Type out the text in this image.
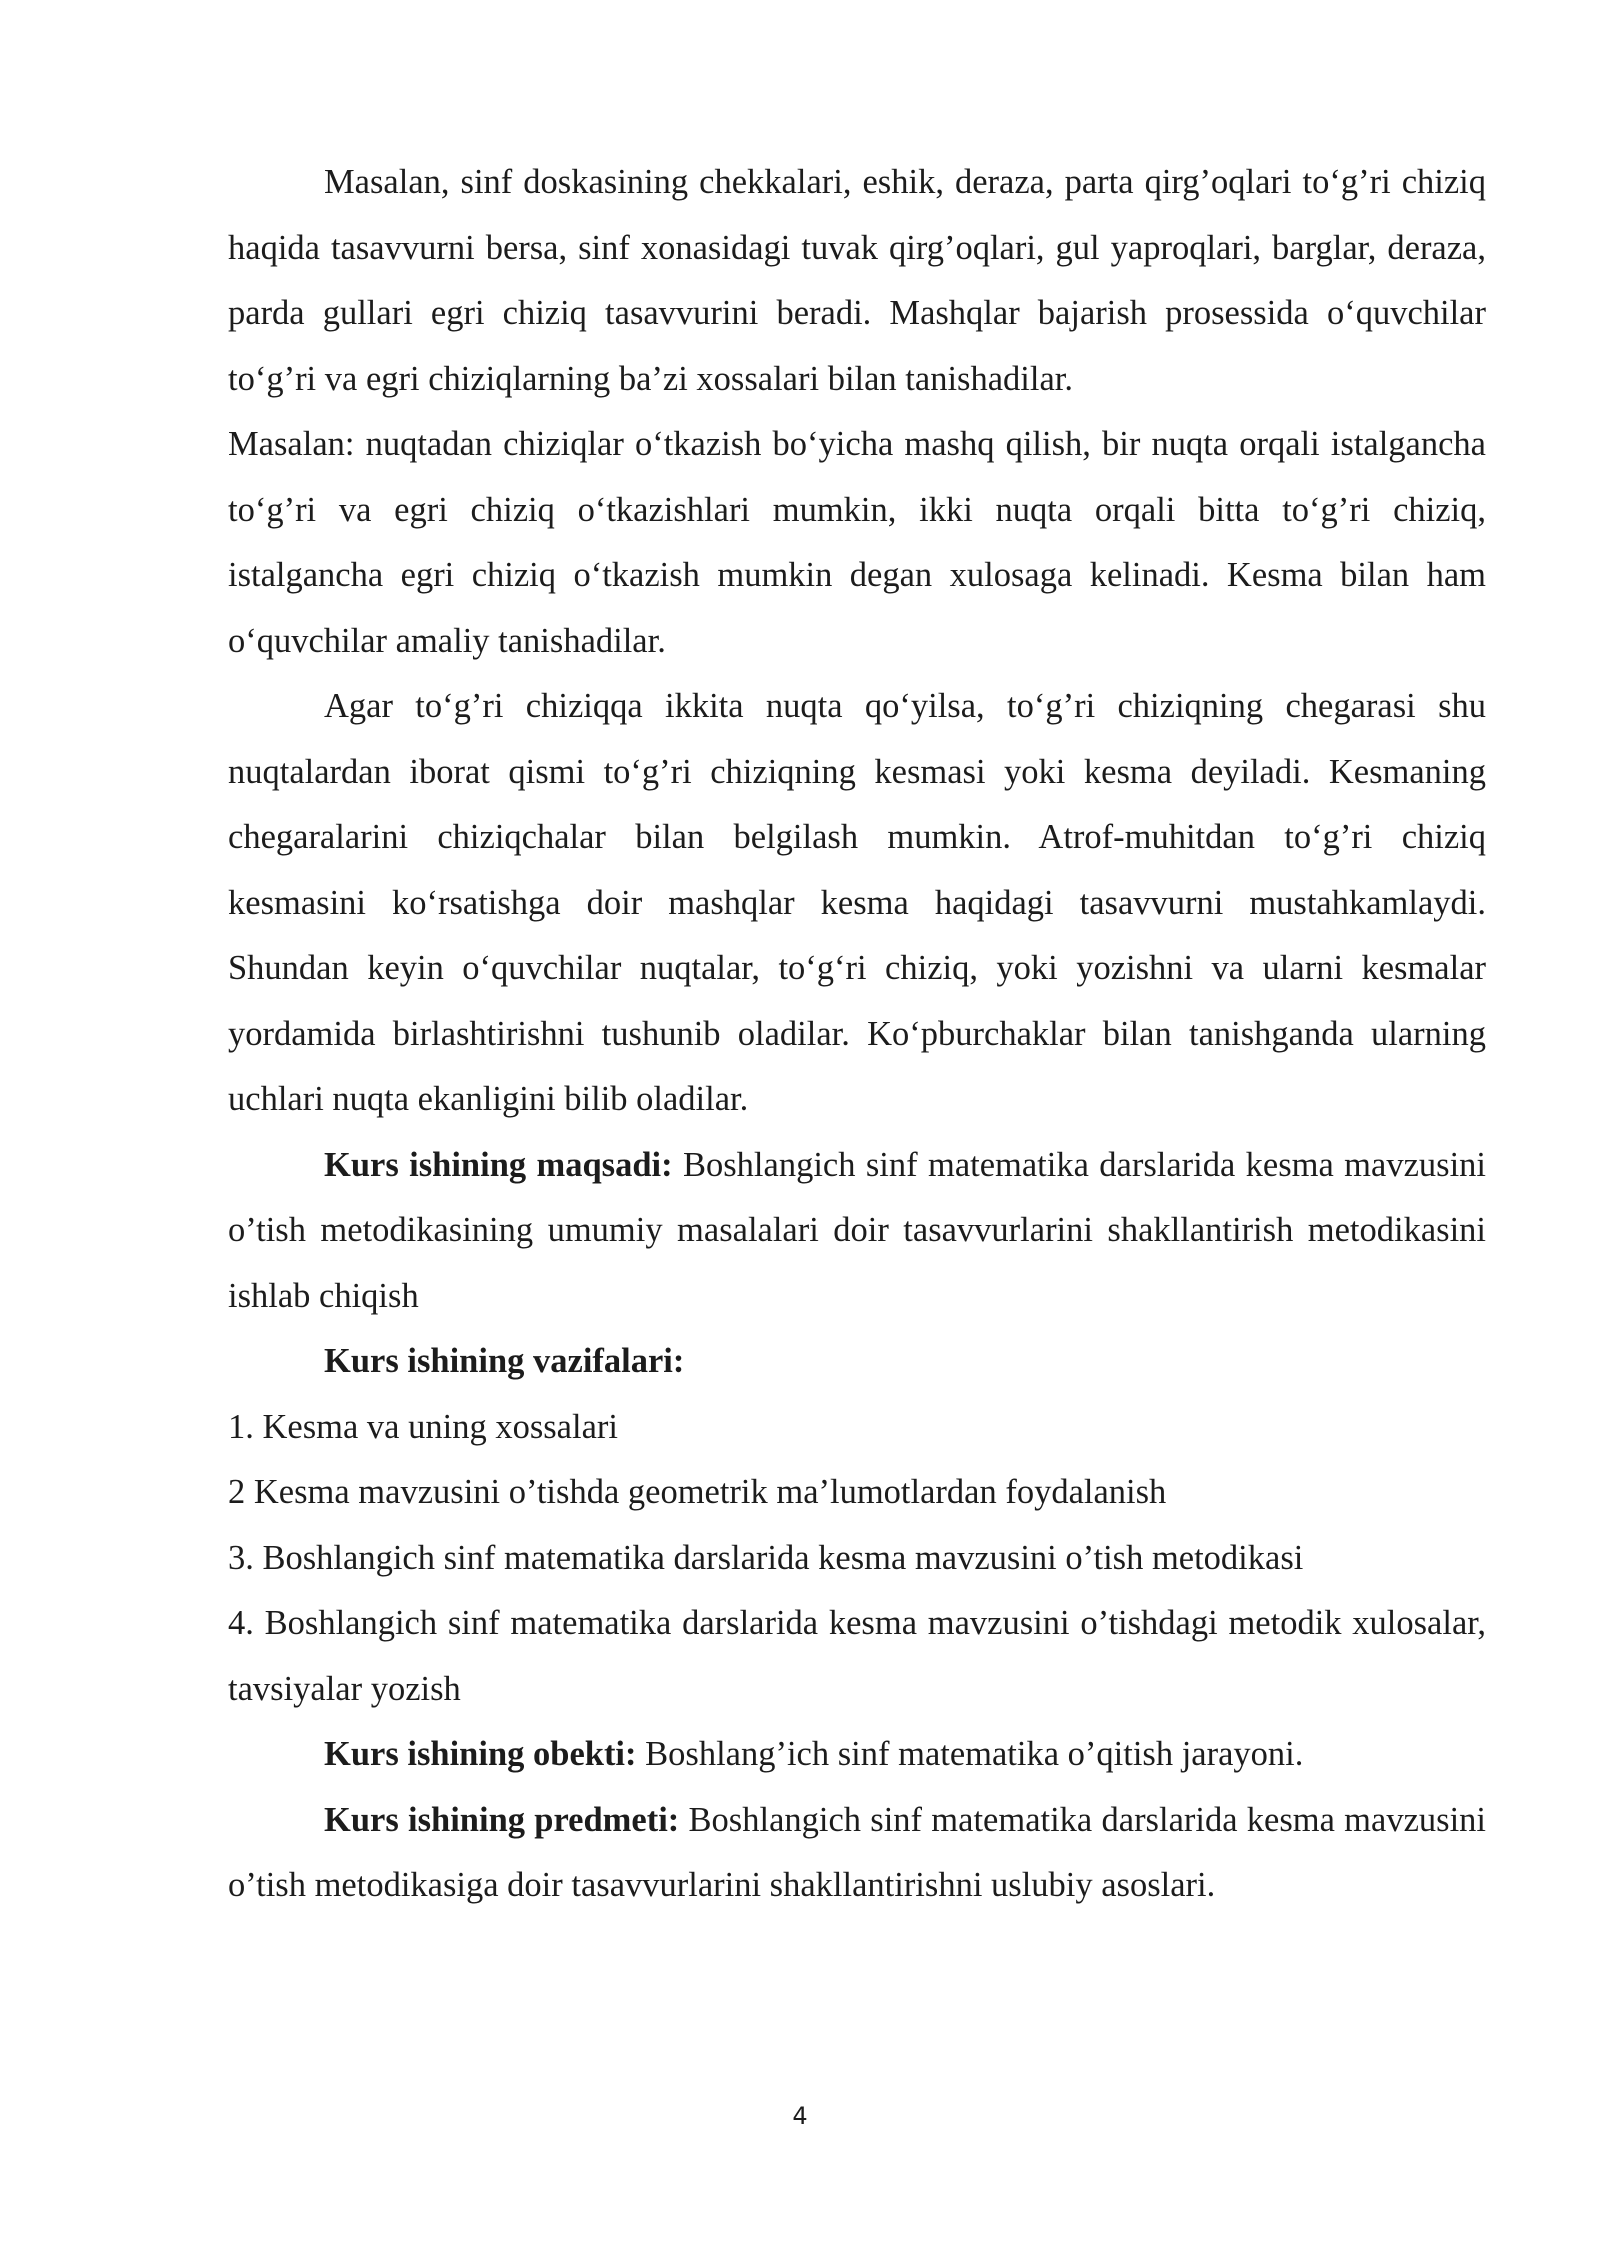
Masalan, sinf doskasining chekkalari, eshik, deraza, parta qirg’oqlari to‘g’ri chiziq haqida tasavvurni bersa, sinf xonasidagi tuvak qirg’oqlari, gul yaproqlari, barglar, deraza, parda gullari egri chiziq tasavvurini beradi. Mashqlar bajarish prosessida o‘quvchilar to‘g’ri va egri chiziqlarning ba’zi xossalari bilan tanishadilar.

Masalan: nuqtadan chiziqlar o‘tkazish bo‘yicha mashq qilish, bir nuqta orqali istalgancha to‘g’ri va egri chiziq o‘tkazishlari mumkin, ikki nuqta orqali bitta to‘g’ri chiziq, istalgancha egri chiziq o‘tkazish mumkin degan xulosaga kelinadi. Kesma bilan ham o‘quvchilar amaliy tanishadilar.

Agar to‘g’ri chiziqqa ikkita nuqta qo‘yilsa, to‘g’ri chiziqning chegarasi shu nuqtalardan iborat qismi to‘g’ri chiziqning kesmasi yoki kesma deyiladi. Kesmaning chegaralarini chiziqchalar bilan belgilash mumkin. Atrof-muhitdan to‘g’ri chiziq kesmasini ko‘rsatishga doir mashqlar kesma haqidagi tasavvurni mustahkamlaydi. Shundan keyin o‘quvchilar nuqtalar, to‘g‘ri chiziq, yoki yozishni va ularni kesmalar yordamida birlashtirishni tushunib oladilar. Ko‘pburchaklar bilan tanishganda ularning uchlari nuqta ekanligini bilib oladilar.

Kurs ishining maqsadi: Boshlangich sinf matematika darslarida kesma mavzusini o’tish metodikasining umumiy masalalari doir tasavvurlarini shakllantirish metodikasini ishlab chiqish

Kurs ishining vazifalari:

1. Kesma va uning xossalari

2 Kesma mavzusini o’tishda geometrik ma’lumotlardan foydalanish

3. Boshlangich sinf matematika darslarida kesma mavzusini o’tish metodikasi

4. Boshlangich sinf matematika darslarida kesma mavzusini o’tishdagi metodik xulosalar, tavsiyalar yozish

Kurs ishining obekti: Boshlang’ich sinf matematika o’qitish jarayoni.

Kurs ishining predmeti: Boshlangich sinf matematika darslarida kesma mavzusini o’tish metodikasiga doir tasavvurlarini shakllantirishni uslubiy asoslari.

4
